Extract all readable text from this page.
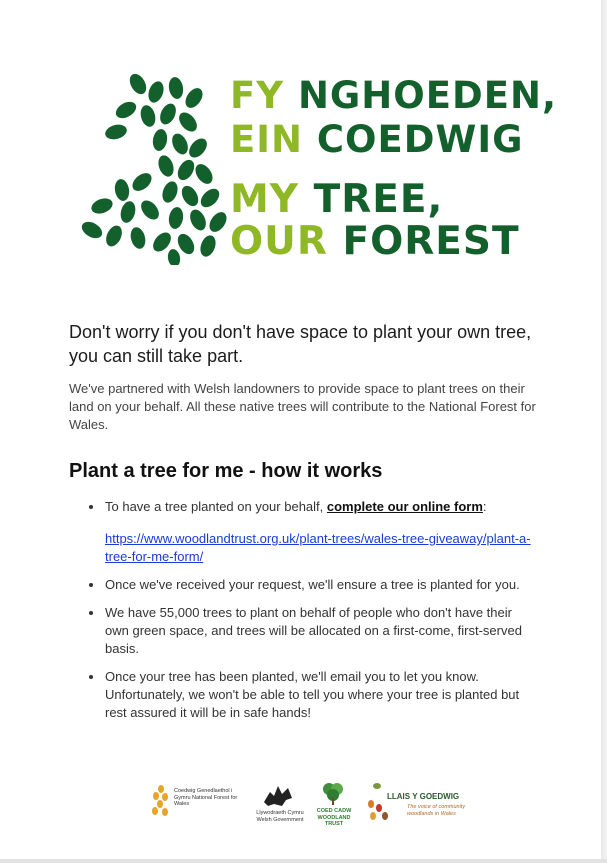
FY NGHOEDEN,
EIN COEDWIG
MY TREE,
OUR FOREST

Don't worry if you don't have space to plant your own tree, you can still take part.

We've partnered with Welsh landowners to provide space to plant trees on their land on your behalf. All these native trees will contribute to the National Forest for Wales.

Plant a tree for me - how it works
To have a tree planted on your behalf, complete our online form:
https://www.woodlandtrust.org.uk/plant-trees/wales-tree-giveaway/plant-a-tree-for-me-form/
Once we've received your request, we'll ensure a tree is planted for you.
We have 55,000 trees to plant on behalf of people who don't have their own green space, and trees will be allocated on a first-come, first-served basis.
Once your tree has been planted, we'll email you to let you know. Unfortunately, we won't be able to tell you where your tree is planted but rest assured it will be in safe hands!
Coedwig Genedlaethol i Gymru National Forest for Wales
Llywodraeth Cymru Welsh Government
COED CADW WOODLAND TRUST
LLAIS Y GOEDWIG
The voice of community woodlands in Wales
